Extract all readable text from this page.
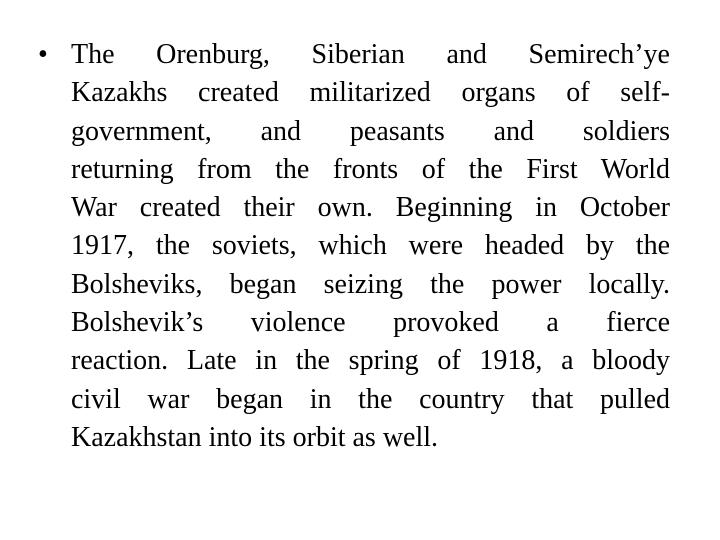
• The Orenburg, Siberian and Semirech’ye
Kazakhs created militarized organs of self-
government, and peasants and soldiers
returning from the fronts of the First World
War created their own. Beginning in October
1917, the soviets, which were headed by the
Bolsheviks, began seizing the power locally.
Bolshevik’s violence provoked a fierce
reaction. Late in the spring of 1918, a bloody
civil war began in the country that pulled
Kazakhstan into its orbit as well.
